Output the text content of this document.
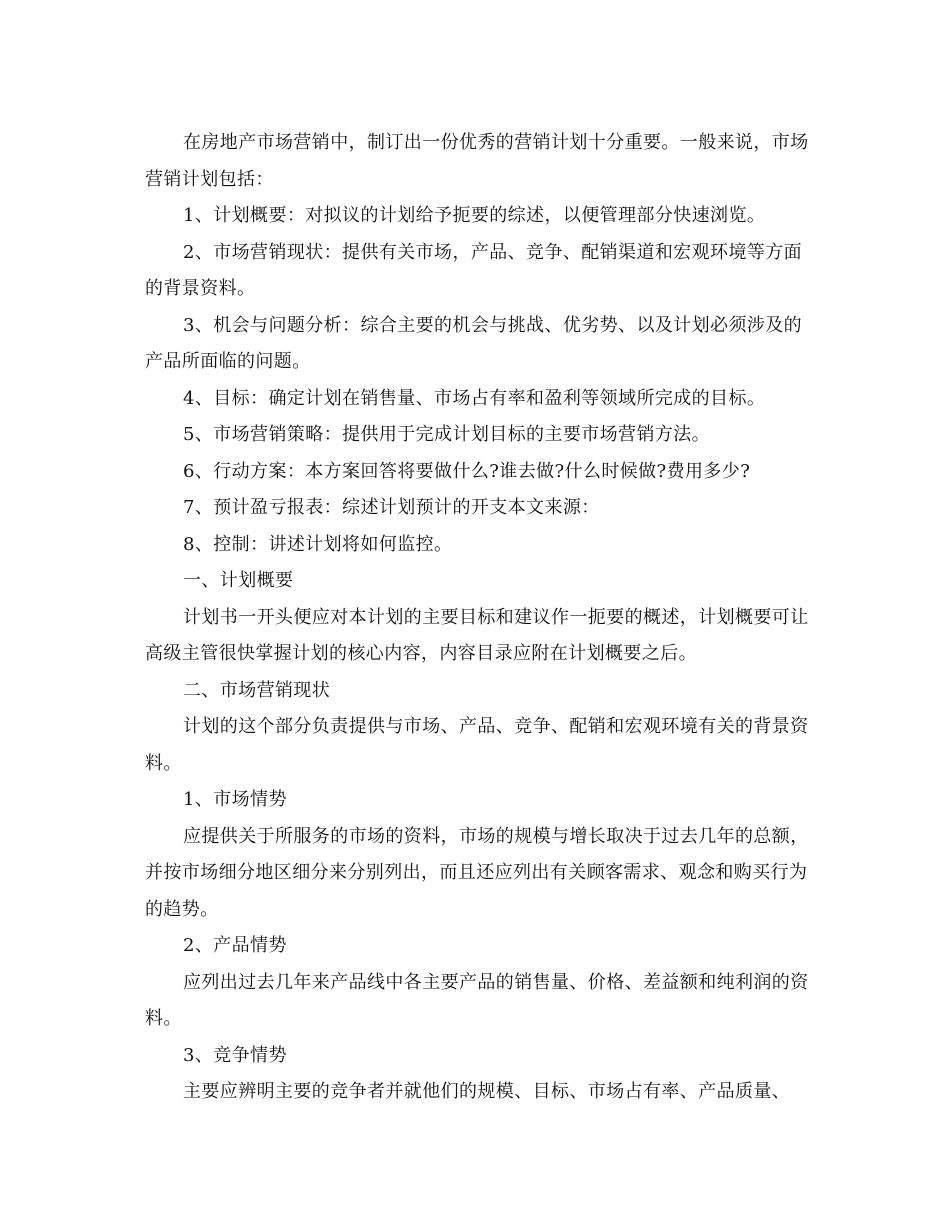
在房地产市场营销中，制订出一份优秀的营销计划十分重要。一般来说，市场营销计划包括：

1、计划概要：对拟议的计划给予扼要的综述，以便管理部分快速浏览。

2、市场营销现状：提供有关市场，产品、竞争、配销渠道和宏观环境等方面的背景资料。

3、机会与问题分析：综合主要的机会与挑战、优劣势、以及计划必须涉及的产品所面临的问题。

4、目标：确定计划在销售量、市场占有率和盈利等领域所完成的目标。

5、市场营销策略：提供用于完成计划目标的主要市场营销方法。

6、行动方案：本方案回答将要做什么?谁去做?什么时候做?费用多少?

7、预计盈亏报表：综述计划预计的开支本文来源：

8、控制：讲述计划将如何监控。

一、计划概要

计划书一开头便应对本计划的主要目标和建议作一扼要的概述，计划概要可让高级主管很快掌握计划的核心内容，内容目录应附在计划概要之后。

二、市场营销现状

计划的这个部分负责提供与市场、产品、竞争、配销和宏观环境有关的背景资料。

1、市场情势

应提供关于所服务的市场的资料，市场的规模与增长取决于过去几年的总额，并按市场细分地区细分来分别列出，而且还应列出有关顾客需求、观念和购买行为的趋势。

2、产品情势

应列出过去几年来产品线中各主要产品的销售量、价格、差益额和纯利润的资料。

3、竞争情势

主要应辨明主要的竞争者并就他们的规模、目标、市场占有率、产品质量、
